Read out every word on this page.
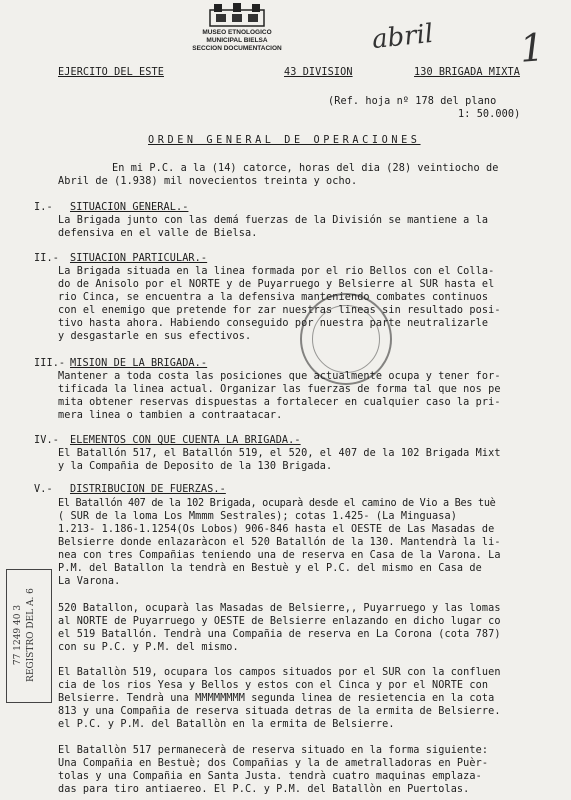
MUSEO ETNOLOGICO
MUNICIPAL BIELSA
SECCION DOCUMENTACION	abril 1
EJERCITO DEL ESTE	43 DIVISION	130 BRIGADA MIXTA
(Ref. hoja nº 178 del plano
1: 50.000)
ORDEN GENERAL DE OPERACIONES
En mi P.C. a la (14) catorce, horas del dia (28) veintiocho de
Abril de (1.938) mil novecientos treinta y ocho.
I.- SITUACION GENERAL.-
La Brigada junto con las demá fuerzas de la División se mantiene a la
defensiva en el valle de Bielsa.
II.- SITUACION PARTICULAR.-
La Brigada situada en la linea formada por el rio Bellos con el Colla-
do de Anisolo por el NORTE y de Puyarruego y Belsierre al SUR hasta el
rio Cinca, se encuentra a la defensiva manteniendo combates continuos
con el enemigo que pretende for zar nuestras lineas sin resultado posi-
tivo hasta ahora. Habiendo conseguido por nuestra parte neutralizarle
y desgastarle en sus efectivos.
III.- MISION DE LA BRIGADA.-
Mantener a toda costa las posiciones que actualmente ocupa y tener for-
tificada la linea actual. Organizar las fuerzas de forma tal que nos pe
mita obtener reservas dispuestas a fortalecer en cualquier caso la pri-
mera linea o tambien a contraatacar.
IV.- ELEMENTOS CON QUE CUENTA LA BRIGADA.-
El Batallón 517, el Batallón 519, el 520, el 407 de la 102 Brigada Mixt
y la Compañia de Deposito de la 130 Brigada.
V.- DISTRIBUCION DE FUERZAS.-
El Batallón 407 de la 102 Brigada, ocuparà desde el camino de Vio a Bes tuè
( SUR de la loma Los Mmmm Sestrales); cotas 1.425- (La Minguasa)
1.213- 1.186-1.1254(Os Lobos) 906-846 hasta el OESTE de Las Masadas de
Belsierre donde enlazaràcon el 520 Batallón de la 130. Mantendrà la li-
nea con tres Compañias teniendo una de reserva en Casa de la Varona. La
P.M. del Batallon la tendrà en Bestuè y el P.C. del mismo en Casa de
La Varona.
520 Batallon, ocuparà las Masadas de Belsierre,, Puyarruego y las lomas
al NORTE de Puyarruego y OESTE de Belsierre enlazando en dicho lugar co
el 519 Batallón. Tendrà una Compañia de reserva en La Corona (cota 787)
con su P.C. y P.M. del mismo.
El Batallòn 519, ocupara los campos situados por el SUR con la confluen
cia de los rios Yesa y Bellos y estos con el Cinca y por el NORTE con
Belsierre. Tendrà una MMMMMMMM segunda linea de resietencia en la cota
813 y una Compañia de reserva situada detras de la ermita de Belsierre.
el P.C. y P.M. del Batallòn en la ermita de Belsierre.
El Batallòn 517 permanecerà de reserva situado en la forma siguiente:
Una Compañia en Bestuè; dos Compañias y la de ametralladoras en Puèr-
tolas y una Compañia en Santa Justa. tendrà cuatro maquinas emplaza-
das para tiro antiaereo. El P.C. y P.M. del Batallòn en Puertolas.
77 1249 40 3 REGISTRO DEL A. 6
